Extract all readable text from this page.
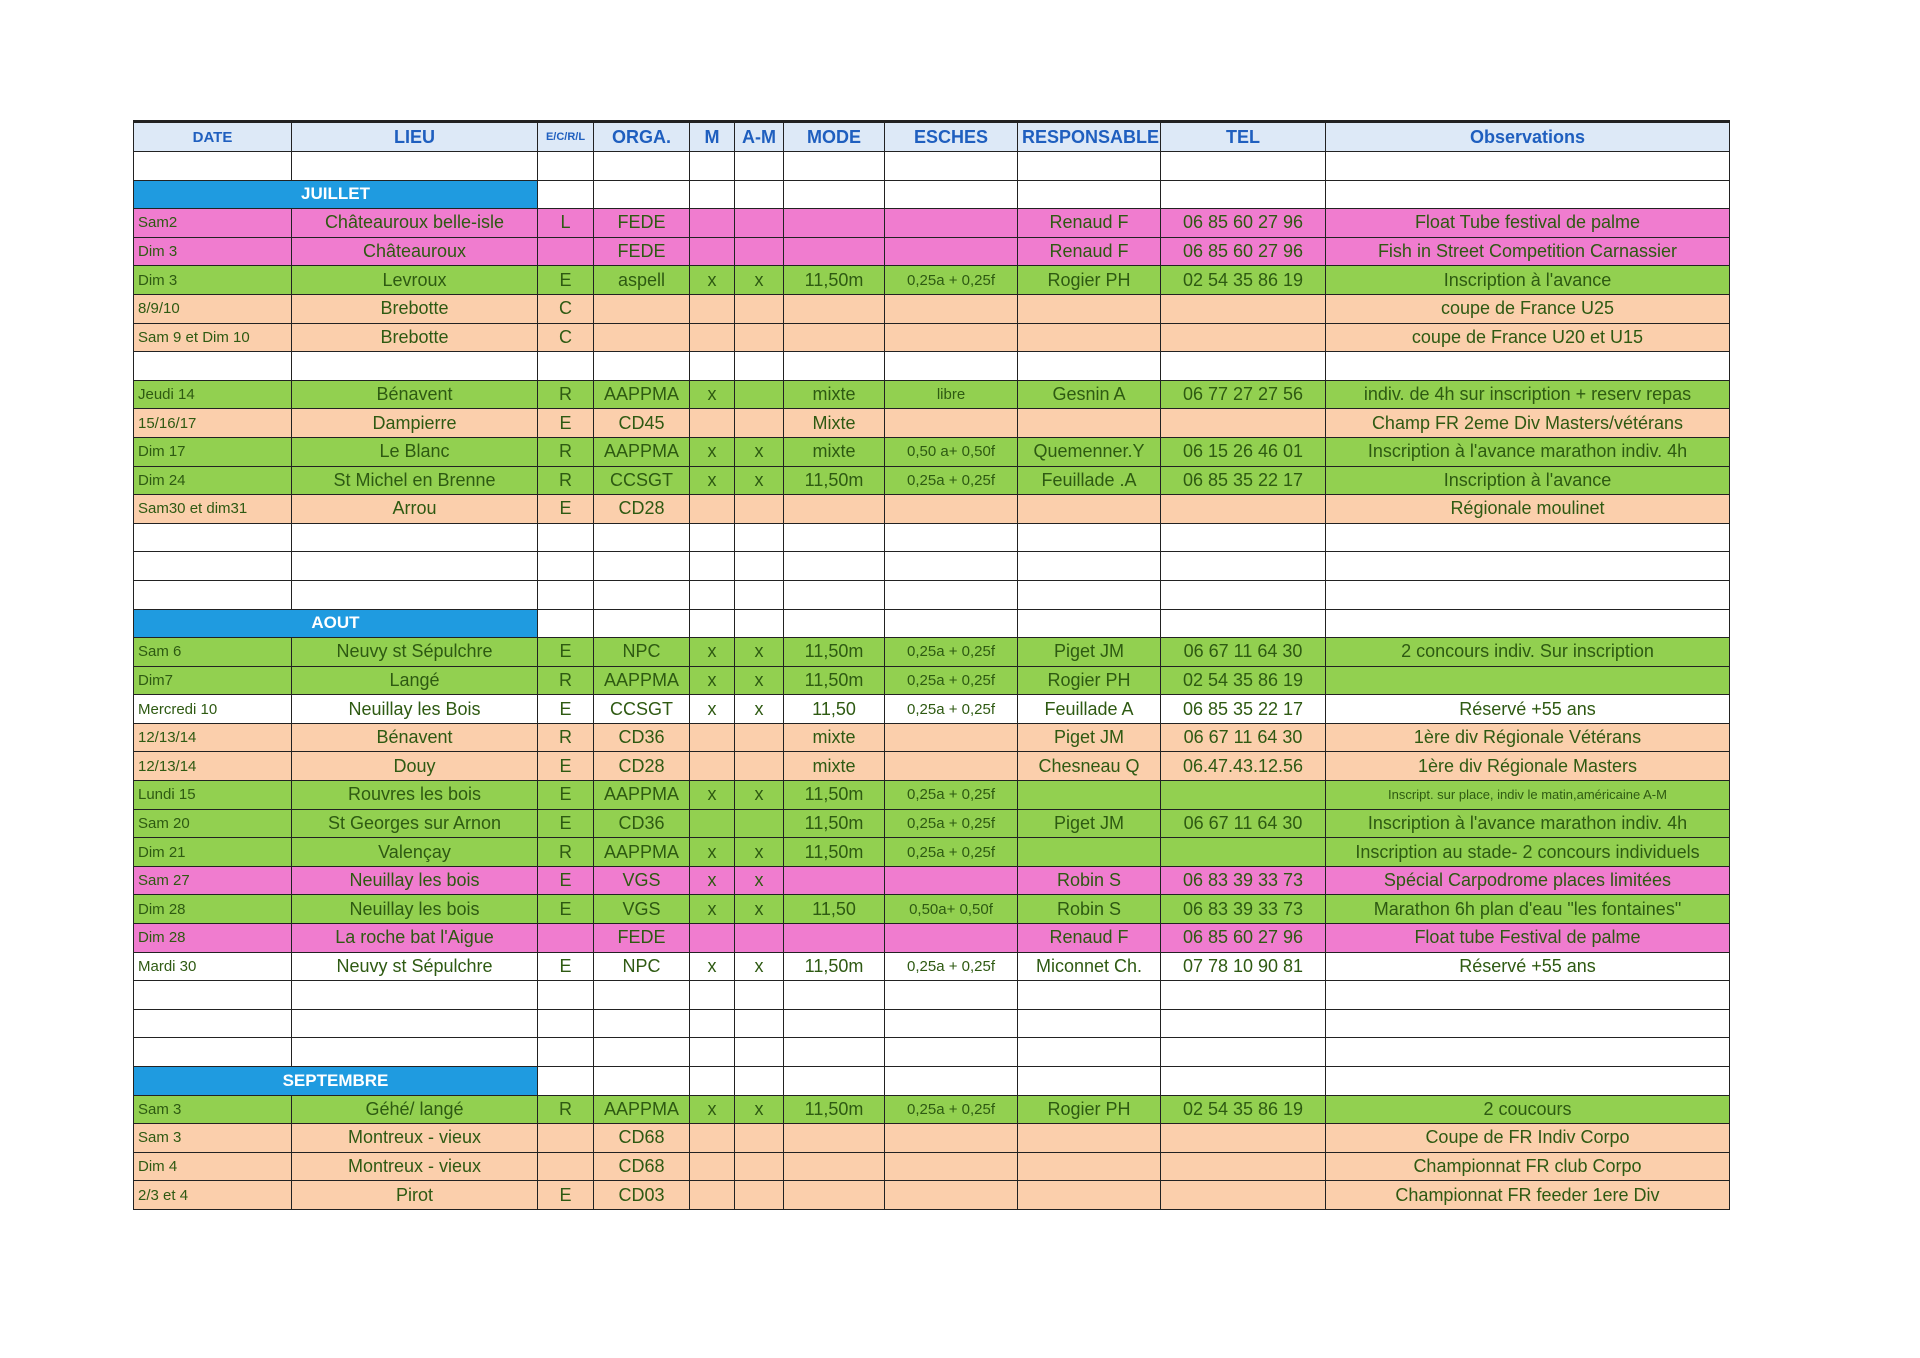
DATE	LIEU	E/C/R/L	ORGA.	M	A-M	MODE	ESCHES	RESPONSABLE	TEL	Observations

JUILLET										
Sam2	Châteauroux belle-isle	L	FEDE					Renaud F	06 85 60 27 96	Float Tube festival de palme
Dim 3	Châteauroux		FEDE					Renaud F	06 85 60 27 96	Fish in Street Competition Carnassier
Dim 3	Levroux	E	aspell	x	x	11,50m	0,25a + 0,25f	Rogier PH	02 54 35 86 19	Inscription à l'avance
8/9/10	Brebotte	C								coupe de France U25
Sam 9 et Dim 10	Brebotte	C								coupe de France U20 et U15

Jeudi 14	Bénavent	R	AAPPMA	x		mixte	libre	Gesnin A	06 77 27 27 56	indiv. de 4h sur inscription + reserv repas
15/16/17	Dampierre	E	CD45			Mixte				Champ FR 2eme Div Masters/vétérans
Dim 17	Le Blanc	R	AAPPMA	x	x	mixte	0,50 a+ 0,50f	Quemenner.Y	06 15 26 46 01	Inscription à l'avance marathon indiv. 4h
Dim 24	St Michel en Brenne	R	CCSGT	x	x	11,50m	0,25a + 0,25f	Feuillade .A	06 85 35 22 17	Inscription à l'avance
Sam30 et dim31	Arrou	E	CD28							Régionale moulinet

AOUT										
Sam 6	Neuvy st Sépulchre	E	NPC	x	x	11,50m	0,25a + 0,25f	Piget JM	06 67 11 64 30	2 concours indiv. Sur inscription
Dim7	Langé	R	AAPPMA	x	x	11,50m	0,25a + 0,25f	Rogier PH	02 54 35 86 19	
Mercredi 10	Neuillay les Bois	E	CCSGT	x	x	11,50	0,25a + 0,25f	Feuillade A	06 85 35 22 17	Réservé +55 ans
12/13/14	Bénavent	R	CD36			mixte		Piget JM	06 67 11 64 30	1ère div Régionale Vétérans
12/13/14	Douy	E	CD28			mixte		Chesneau Q	06.47.43.12.56	1ère div Régionale Masters
Lundi 15	Rouvres les bois	E	AAPPMA	x	x	11,50m	0,25a + 0,25f			Inscript. sur place, indiv le matin,américaine A-M
Sam 20	St Georges sur Arnon	E	CD36			11,50m	0,25a + 0,25f	Piget JM	06 67 11 64 30	Inscription à l'avance marathon indiv. 4h
Dim 21	Valençay	R	AAPPMA	x	x	11,50m	0,25a + 0,25f			Inscription au stade- 2 concours individuels
Sam 27	Neuillay les bois	E	VGS	x	x			Robin S	06 83 39 33 73	Spécial Carpodrome places limitées
Dim 28	Neuillay les bois	E	VGS	x	x	11,50	0,50a+ 0,50f	Robin S	06 83 39 33 73	Marathon 6h plan d'eau "les fontaines"
Dim 28	La roche bat l'Aigue		FEDE					Renaud F	06 85 60 27 96	Float tube Festival de palme
Mardi 30	Neuvy st Sépulchre	E	NPC	x	x	11,50m	0,25a + 0,25f	Miconnet Ch.	07 78 10 90 81	Réservé +55 ans

SEPTEMBRE										
Sam 3	Géhé/ langé	R	AAPPMA	x	x	11,50m	0,25a + 0,25f	Rogier PH	02 54 35 86 19	2 coucours
Sam 3	Montreux - vieux		CD68							Coupe de FR Indiv Corpo
Dim 4	Montreux - vieux		CD68							Championnat FR club Corpo
2/3 et 4	Pirot	E	CD03							Championnat FR feeder 1ere Div
